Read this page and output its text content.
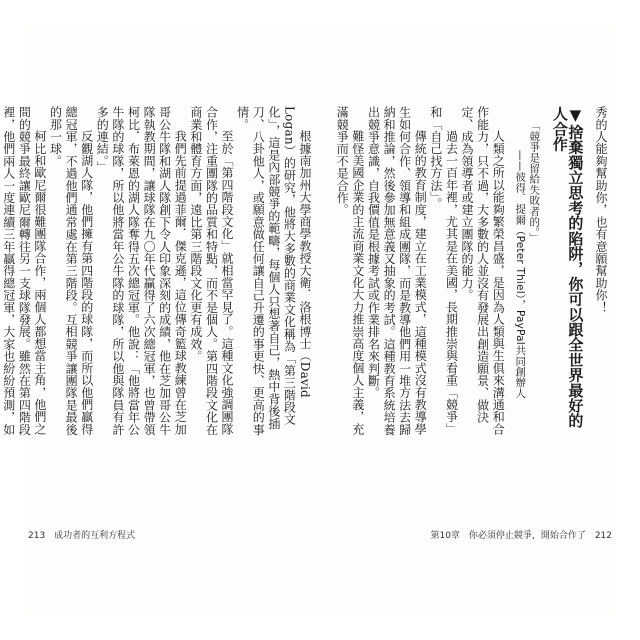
根據南加州大學商學教授大衛．洛根博士（David Logan）的研究，他將大多數的商業文化稱為「第三階段文化」，這是內部競爭的範疇，每個人只想著自己，熱中背後插刀、八卦他人，或願意做任何讓自己升遷的事更快、更高的事情。

至於「第四階段文化」就相當罕見了。這種文化強調團隊合作，注重團隊的品質和特點，而不是個人。第四階段文化在商業和體育方面，遠比第三階段文化更有成效。

我們先前提過菲爾．傑克遜，這位傳奇籃球教練曾在芝加哥公牛隊和湖人隊創下令人印象深刻的成績，他在芝加哥公牛隊執教期間，讓球隊在九〇年代贏得了六次總冠軍，也曾帶領柯比．布萊恩的湖人隊奪得五次總冠軍。他說：「他將當年公牛隊的球隊，所以他將當年公牛隊的球隊，所以他與隊員有許多的連結。」

反觀湖人隊，他們擁有第四階段的球隊，而所以他們贏得總冠軍，不過他們通常處在第三階段。互相競爭讓團隊是最後的那一球。

柯比和歐尼爾很難團隊合作，兩個人都想當主角，他們之間的競爭最終讓歐尼爾轉往另一支球隊發展。雖然在第四階段裡，他們兩人一度連續三年贏得總冠軍，大家也紛紛預測，如

213 成功者的互利方程式

秀的人能夠幫助你，也有意願幫助你！

▼捨棄獨立思考的陷阱，你可以跟全世界最好的人合作
「競爭是留給失敗者的。」
——彼得．提爾（Peter Thiel），PayPal共同創辦人

人類之所以能夠繁榮昌盛，是因為人類與生俱來溝通和合作能力，只不過，大多數的人並沒有發展出創造願景、做決定、成為領導者或建立團隊的能力。

過去一百年裡，尤其是在美國，長期推崇與看重「競爭」和「自己找方法」。

傳統的教育制度，建立在工業模式，這種模式沒有教導學生如何合作、領導和組成團隊，而是教導他們用一堆方法去歸納和推論，然後參加無意義又抽象的考試。這種教育系統培養出競爭意識，自我價值是根據考試或作業排名來判斷。

難怪美國企業的主流商業文化大力推崇高度個人主義，充滿競爭而不是合作。

第10章　你必須停止競爭，開始合作了 212
